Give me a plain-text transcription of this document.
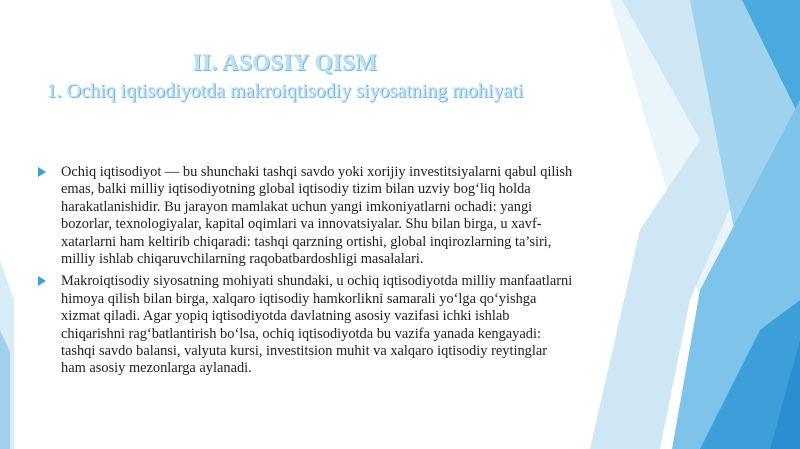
II. ASOSIY QISM
1. Ochiq iqtisodiyotda makroiqtisodiy siyosatning mohiyati

Ochiq iqtisodiyot — bu shunchaki tashqi savdo yoki xorijiy investitsiyalarni qabul qilish emas, balki milliy iqtisodiyotning global iqtisodiy tizim bilan uzviy bog‘liq holda harakatlanishidir. Bu jarayon mamlakat uchun yangi imkoniyatlarni ochadi: yangi bozorlar, texnologiyalar, kapital oqimlari va innovatsiyalar. Shu bilan birga, u xavf-xatarlarni ham keltirib chiqaradi: tashqi qarzning ortishi, global inqirozlarning ta’siri, milliy ishlab chiqaruvchilarning raqobatbardoshligi masalalari.

Makroiqtisodiy siyosatning mohiyati shundaki, u ochiq iqtisodiyotda milliy manfaatlarni himoya qilish bilan birga, xalqaro iqtisodiy hamkorlikni samarali yo‘lga qo‘yishga xizmat qiladi. Agar yopiq iqtisodiyotda davlatning asosiy vazifasi ichki ishlab chiqarishni rag‘batlantirish bo‘lsa, ochiq iqtisodiyotda bu vazifa yanada kengayadi: tashqi savdo balansi, valyuta kursi, investitsion muhit va xalqaro iqtisodiy reytinglar ham asosiy mezonlarga aylanadi.
